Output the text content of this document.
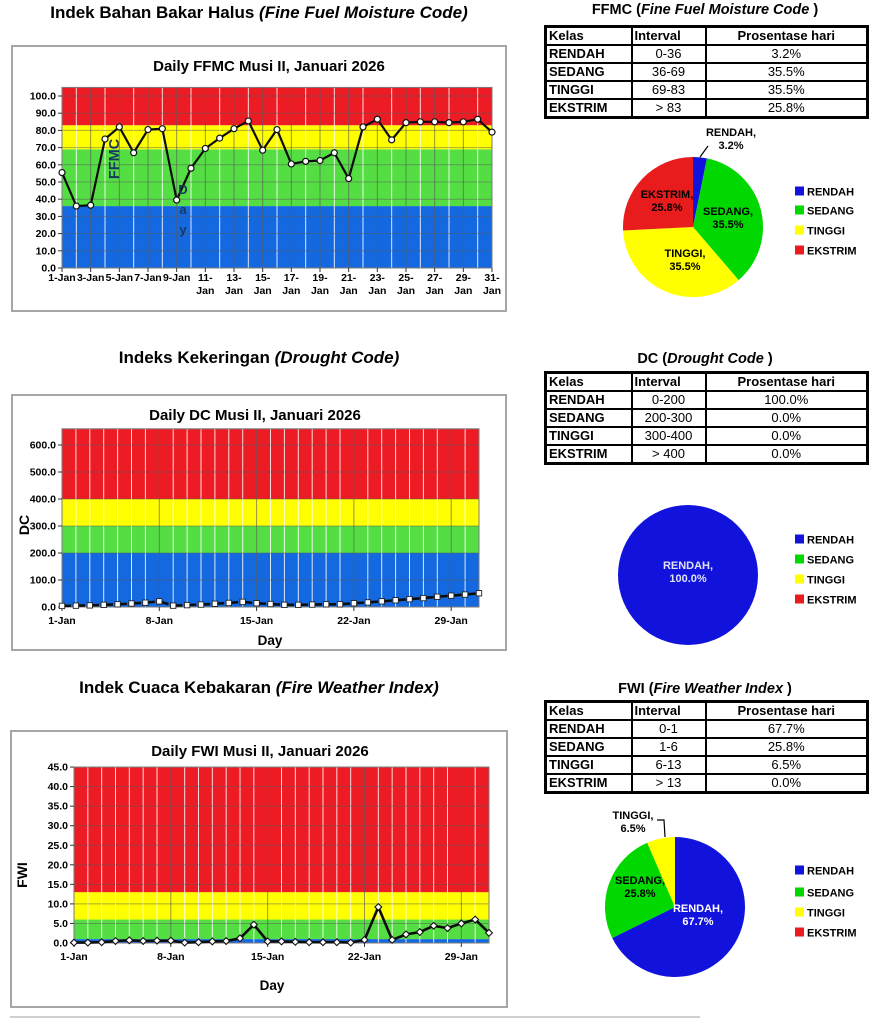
Indek Bahan Bakar Halus (Fine Fuel Moisture Code)
0.0
10.0
20.0
30.0
40.0
50.0
60.0
70.0
80.0
90.0
100.0
1-Jan 3-Jan 5-Jan 7-Jan 9-Jan 11-
Jan
13-
Jan
15-
Jan
17-
Jan
19-
Jan
21-
Jan
23-
Jan
25-
Jan
27-
Jan
29-
Jan
31-
Jan
Daily FFMC Musi II, Januari 2026
FFMC
D
a
y
FFMC (Fine Fuel Moisture Code )
Kelas	Interval	Prosentase hari
RENDAH	0-36	3.2%
SEDANG	36-69	35.5%
TINGGI	69-83	35.5%
EKSTRIM	> 83	25.8%
RENDAH,
3.2%
SEDANG,
35.5%
TINGGI,
35.5%
EKSTRIM,
25.8%
RENDAH
SEDANG
TINGGI
EKSTRIM
Indeks Kekeringan (Drought Code)
0.0
100.0
200.0
300.0
400.0
500.0
600.0
1-Jan	8-Jan	15-Jan	22-Jan	29-Jan
Daily DC Musi II, Januari 2026
DC
Day
DC (Drought Code )
Kelas	Interval	Prosentase hari
RENDAH	0-200	100.0%
SEDANG	200-300	0.0%
TINGGI	300-400	0.0%
EKSTRIM	> 400	0.0%
RENDAH,
100.0%
RENDAH
SEDANG
TINGGI
EKSTRIM
Indek Cuaca Kebakaran (Fire Weather Index)
0.0
5.0
10.0
15.0
20.0
25.0
30.0
35.0
40.0
45.0
1-Jan	8-Jan	15-Jan	22-Jan	29-Jan
Daily FWI Musi II, Januari 2026
FWI
Day
FWI (Fire Weather Index )
Kelas	Interval	Prosentase hari
RENDAH	0-1	67.7%
SEDANG	1-6	25.8%
TINGGI	6-13	6.5%
EKSTRIM	> 13	0.0%
RENDAH,
67.7%
SEDANG,
25.8%
TINGGI,
6.5%
RENDAH
SEDANG
TINGGI
EKSTRIM
